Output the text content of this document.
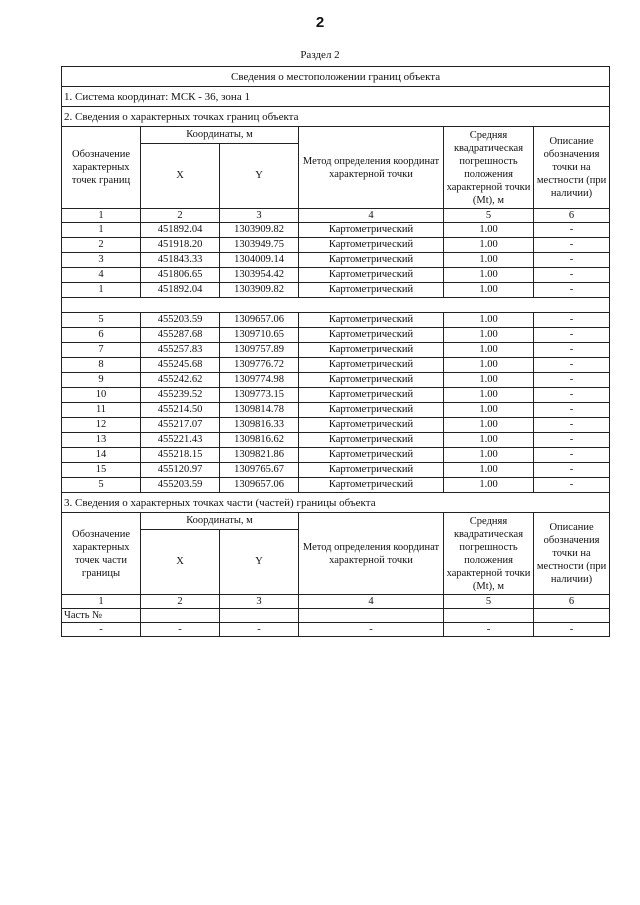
2
Раздел 2
Сведения о местоположении границ объекта					
1. Система координат: МСК - 36, зона 1					
2. Сведения о характерных точках границ объекта					
Обозначение характерных точек границ	Координаты, м		Метод определения координат характерной точки	Средняя квадратическая погрешность положения характерной точки (Mt), м	Описание обозначения точки на местности (при наличии)
	X	Y			
1	2	3	4	5	6
1	451892.04	1303909.82	Картометрический	1.00	-
2	451918.20	1303949.75	Картометрический	1.00	-
3	451843.33	1304009.14	Картометрический	1.00	-
4	451806.65	1303954.42	Картометрический	1.00	-
1	451892.04	1303909.82	Картометрический	1.00	-

5	455203.59	1309657.06	Картометрический	1.00	-
6	455287.68	1309710.65	Картометрический	1.00	-
7	455257.83	1309757.89	Картометрический	1.00	-
8	455245.68	1309776.72	Картометрический	1.00	-
9	455242.62	1309774.98	Картометрический	1.00	-
10	455239.52	1309773.15	Картометрический	1.00	-
11	455214.50	1309814.78	Картометрический	1.00	-
12	455217.07	1309816.33	Картометрический	1.00	-
13	455221.43	1309816.62	Картометрический	1.00	-
14	455218.15	1309821.86	Картометрический	1.00	-
15	455120.97	1309765.67	Картометрический	1.00	-
5	455203.59	1309657.06	Картометрический	1.00	-
3. Сведения о характерных точках части (частей) границы объекта					
Обозначение характерных точек части границы	Координаты, м		Метод определения координат характерной точки	Средняя квадратическая погрешность положения характерной точки (Mt), м	Описание обозначения точки на местности (при наличии)
	X	Y			
1	2	3	4	5	6
Часть №					
-	-	-	-	-	-
